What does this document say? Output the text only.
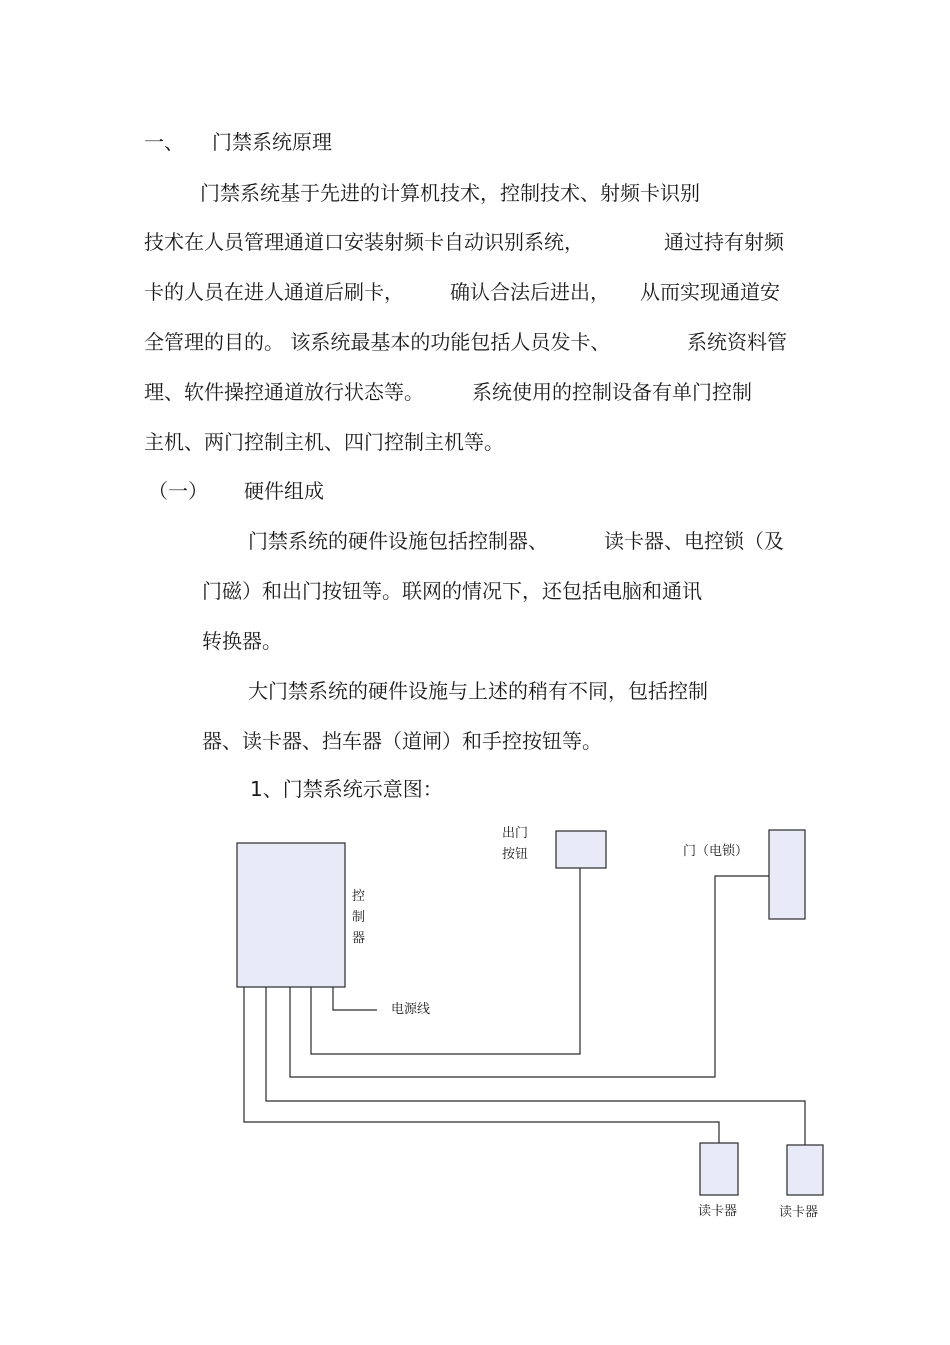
一、 门禁系统原理
门禁系统基于先进的计算机技术，控制技术、射频卡识别
技术在人员管理通道口安装射频卡自动识别系统，	通过持有射频
卡的人员在进人通道后刷卡， 确认合法后进出， 从而实现通道安
全管理的目的。 该系统最基本的功能包括人员发卡、	系统资料管
理、软件操控通道放行状态等。 系统使用的控制设备有单门控制
主机、两门控制主机、四门控制主机等。
（一） 硬件组成
门禁系统的硬件设施包括控制器、	读卡器、电控锁（及
门磁）和出门按钮等。联网的情况下，还包括电脑和通讯
转换器。
大门禁系统的硬件设施与上述的稍有不同，包括控制
器、读卡器、挡车器（道闸）和手控按钮等。
1、门禁系统示意图：
控制器
出门
按钮	门（电锁）
电源线
读卡器	读卡器
